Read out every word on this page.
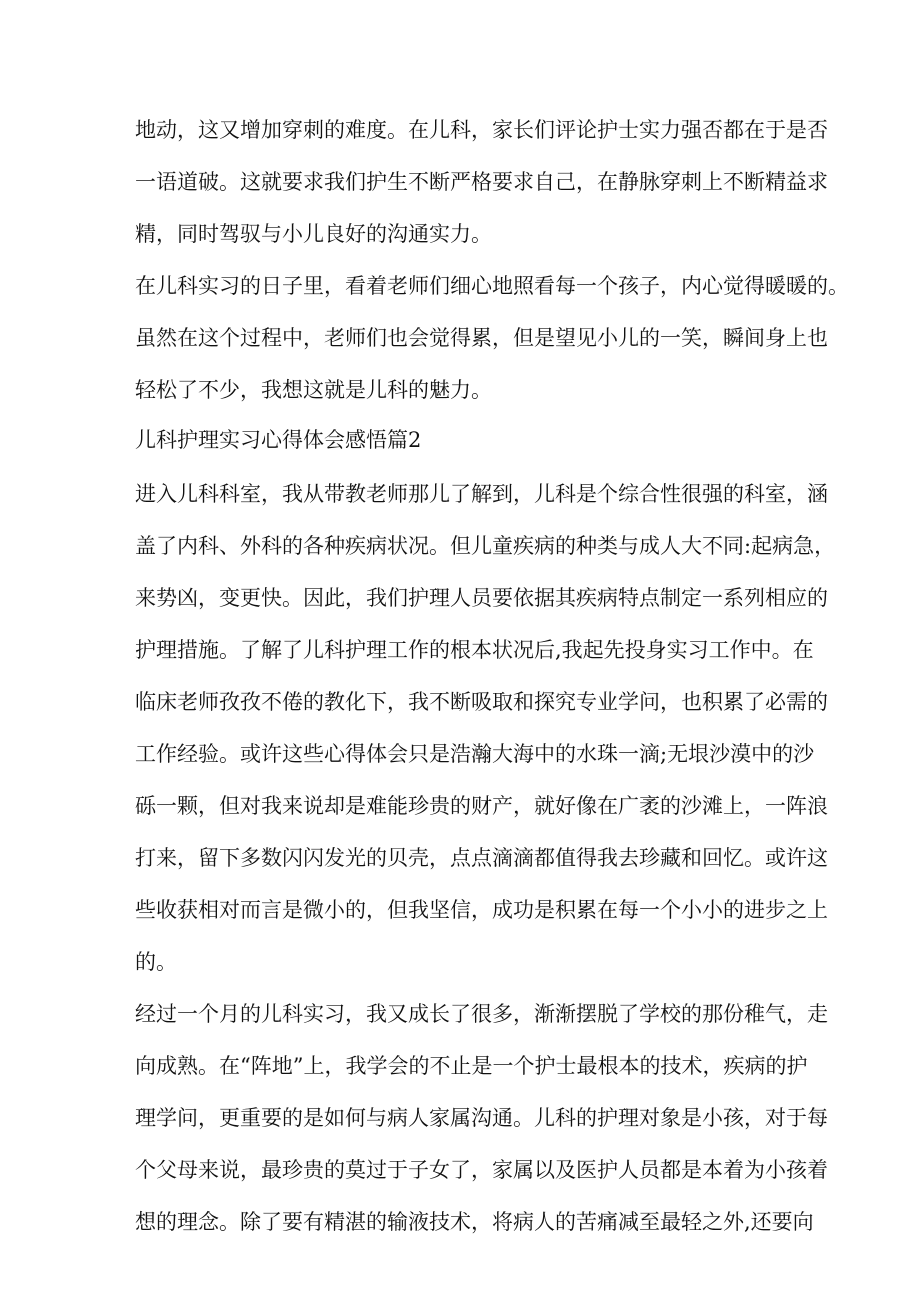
地动，这又增加穿刺的难度。在儿科，家长们评论护士实力强否都在于是否
一语道破。这就要求我们护生不断严格要求自己，在静脉穿刺上不断精益求
精，同时驾驭与小儿良好的沟通实力。
在儿科实习的日子里，看着老师们细心地照看每一个孩子，内心觉得暖暖的。
虽然在这个过程中，老师们也会觉得累，但是望见小儿的一笑，瞬间身上也
轻松了不少，我想这就是儿科的魅力。
儿科护理实习心得体会感悟篇2
进入儿科科室，我从带教老师那儿了解到，儿科是个综合性很强的科室，涵
盖了内科、外科的各种疾病状况。但儿童疾病的种类与成人大不同:起病急，
来势凶，变更快。因此，我们护理人员要依据其疾病特点制定一系列相应的
护理措施。了解了儿科护理工作的根本状况后,我起先投身实习工作中。在
临床老师孜孜不倦的教化下，我不断吸取和探究专业学问，也积累了必需的
工作经验。或许这些心得体会只是浩瀚大海中的水珠一滴;无垠沙漠中的沙
砾一颗，但对我来说却是难能珍贵的财产，就好像在广袤的沙滩上，一阵浪
打来，留下多数闪闪发光的贝壳，点点滴滴都值得我去珍藏和回忆。或许这
些收获相对而言是微小的，但我坚信，成功是积累在每一个小小的进步之上
的。
经过一个月的儿科实习，我又成长了很多，渐渐摆脱了学校的那份稚气，走
向成熟。在“阵地”上，我学会的不止是一个护士最根本的技术，疾病的护
理学问，更重要的是如何与病人家属沟通。儿科的护理对象是小孩，对于每
个父母来说，最珍贵的莫过于子女了，家属以及医护人员都是本着为小孩着
想的理念。除了要有精湛的输液技术，将病人的苦痛减至最轻之外,还要向
